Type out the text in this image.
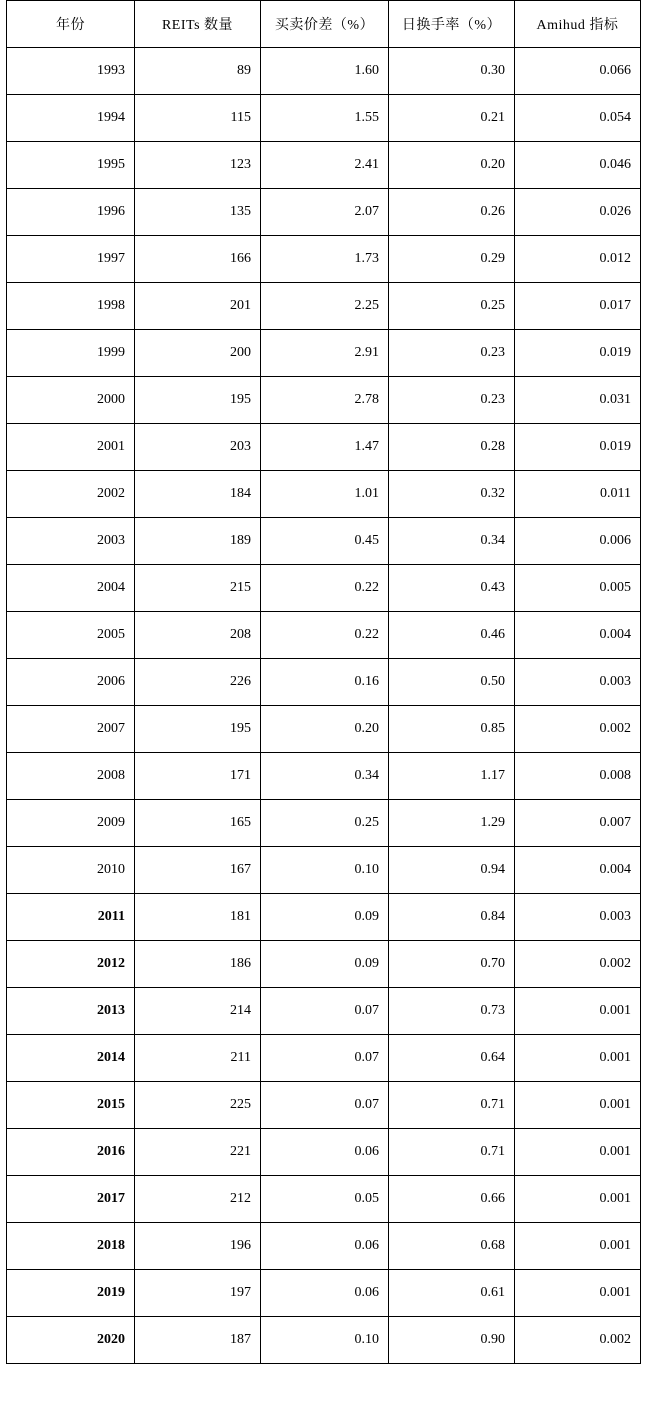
年份	REITs 数量	买卖价差（%）	日换手率（%）	Amihud 指标
1993	89	1.60	0.30	0.066
1994	115	1.55	0.21	0.054
1995	123	2.41	0.20	0.046
1996	135	2.07	0.26	0.026
1997	166	1.73	0.29	0.012
1998	201	2.25	0.25	0.017
1999	200	2.91	0.23	0.019
2000	195	2.78	0.23	0.031
2001	203	1.47	0.28	0.019
2002	184	1.01	0.32	0.011
2003	189	0.45	0.34	0.006
2004	215	0.22	0.43	0.005
2005	208	0.22	0.46	0.004
2006	226	0.16	0.50	0.003
2007	195	0.20	0.85	0.002
2008	171	0.34	1.17	0.008
2009	165	0.25	1.29	0.007
2010	167	0.10	0.94	0.004
2011	181	0.09	0.84	0.003
2012	186	0.09	0.70	0.002
2013	214	0.07	0.73	0.001
2014	211	0.07	0.64	0.001
2015	225	0.07	0.71	0.001
2016	221	0.06	0.71	0.001
2017	212	0.05	0.66	0.001
2018	196	0.06	0.68	0.001
2019	197	0.06	0.61	0.001
2020	187	0.10	0.90	0.002
